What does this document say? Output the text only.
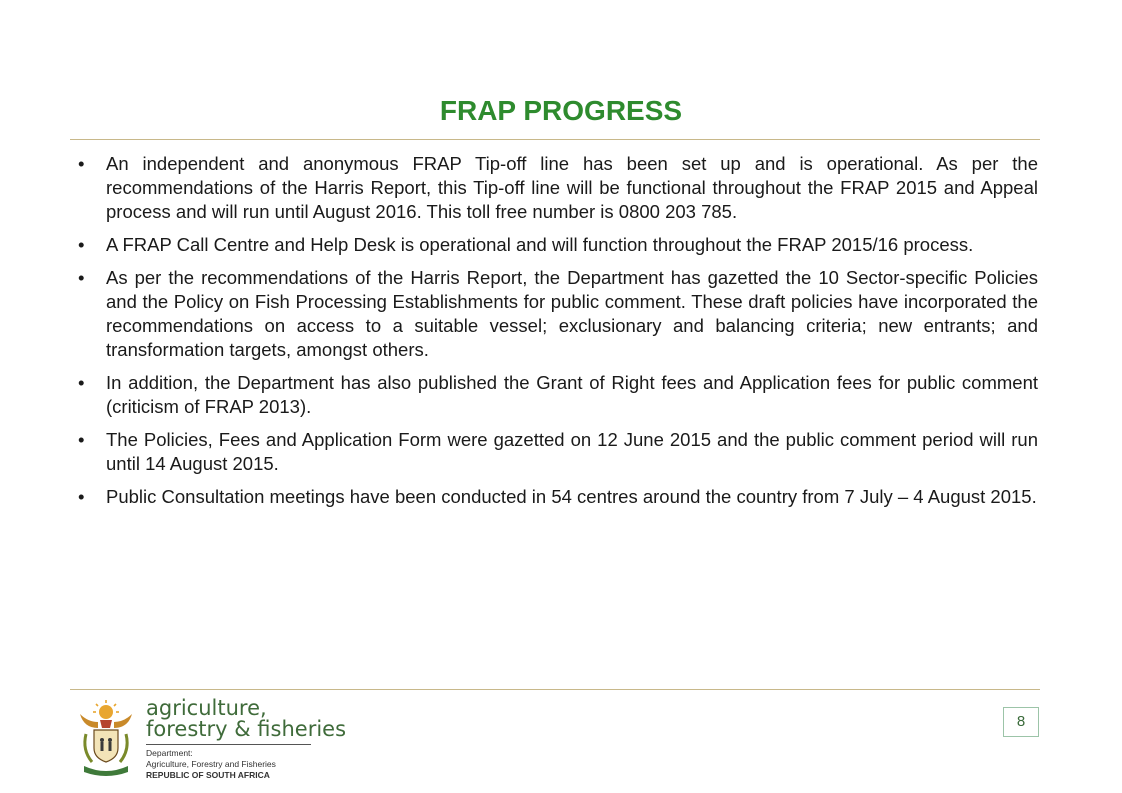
FRAP PROGRESS
• An independent and anonymous FRAP Tip-off line has been set up and is operational. As per the recommendations of the Harris Report, this Tip-off line will be functional throughout the FRAP 2015 and Appeal process and will run until August 2016. This toll free number is 0800 203 785.
• A FRAP Call Centre and Help Desk is operational and will function throughout the FRAP 2015/16 process.
• As per the recommendations of the Harris Report, the Department has gazetted the 10 Sector-specific Policies and the Policy on Fish Processing Establishments for public comment. These draft policies have incorporated the recommendations on access to a suitable vessel; exclusionary and balancing criteria; new entrants; and transformation targets, amongst others.
• In addition, the Department has also published the Grant of Right fees and Application fees for public comment (criticism of FRAP 2013).
• The Policies, Fees and Application Form were gazetted on 12 June 2015 and the public comment period will run until 14 August 2015.
• Public Consultation meetings have been conducted in 54 centres around the country from 7 July – 4 August 2015.
agriculture,
forestry & fisheries
Department:
Agriculture, Forestry and Fisheries
REPUBLIC OF SOUTH AFRICA
8
